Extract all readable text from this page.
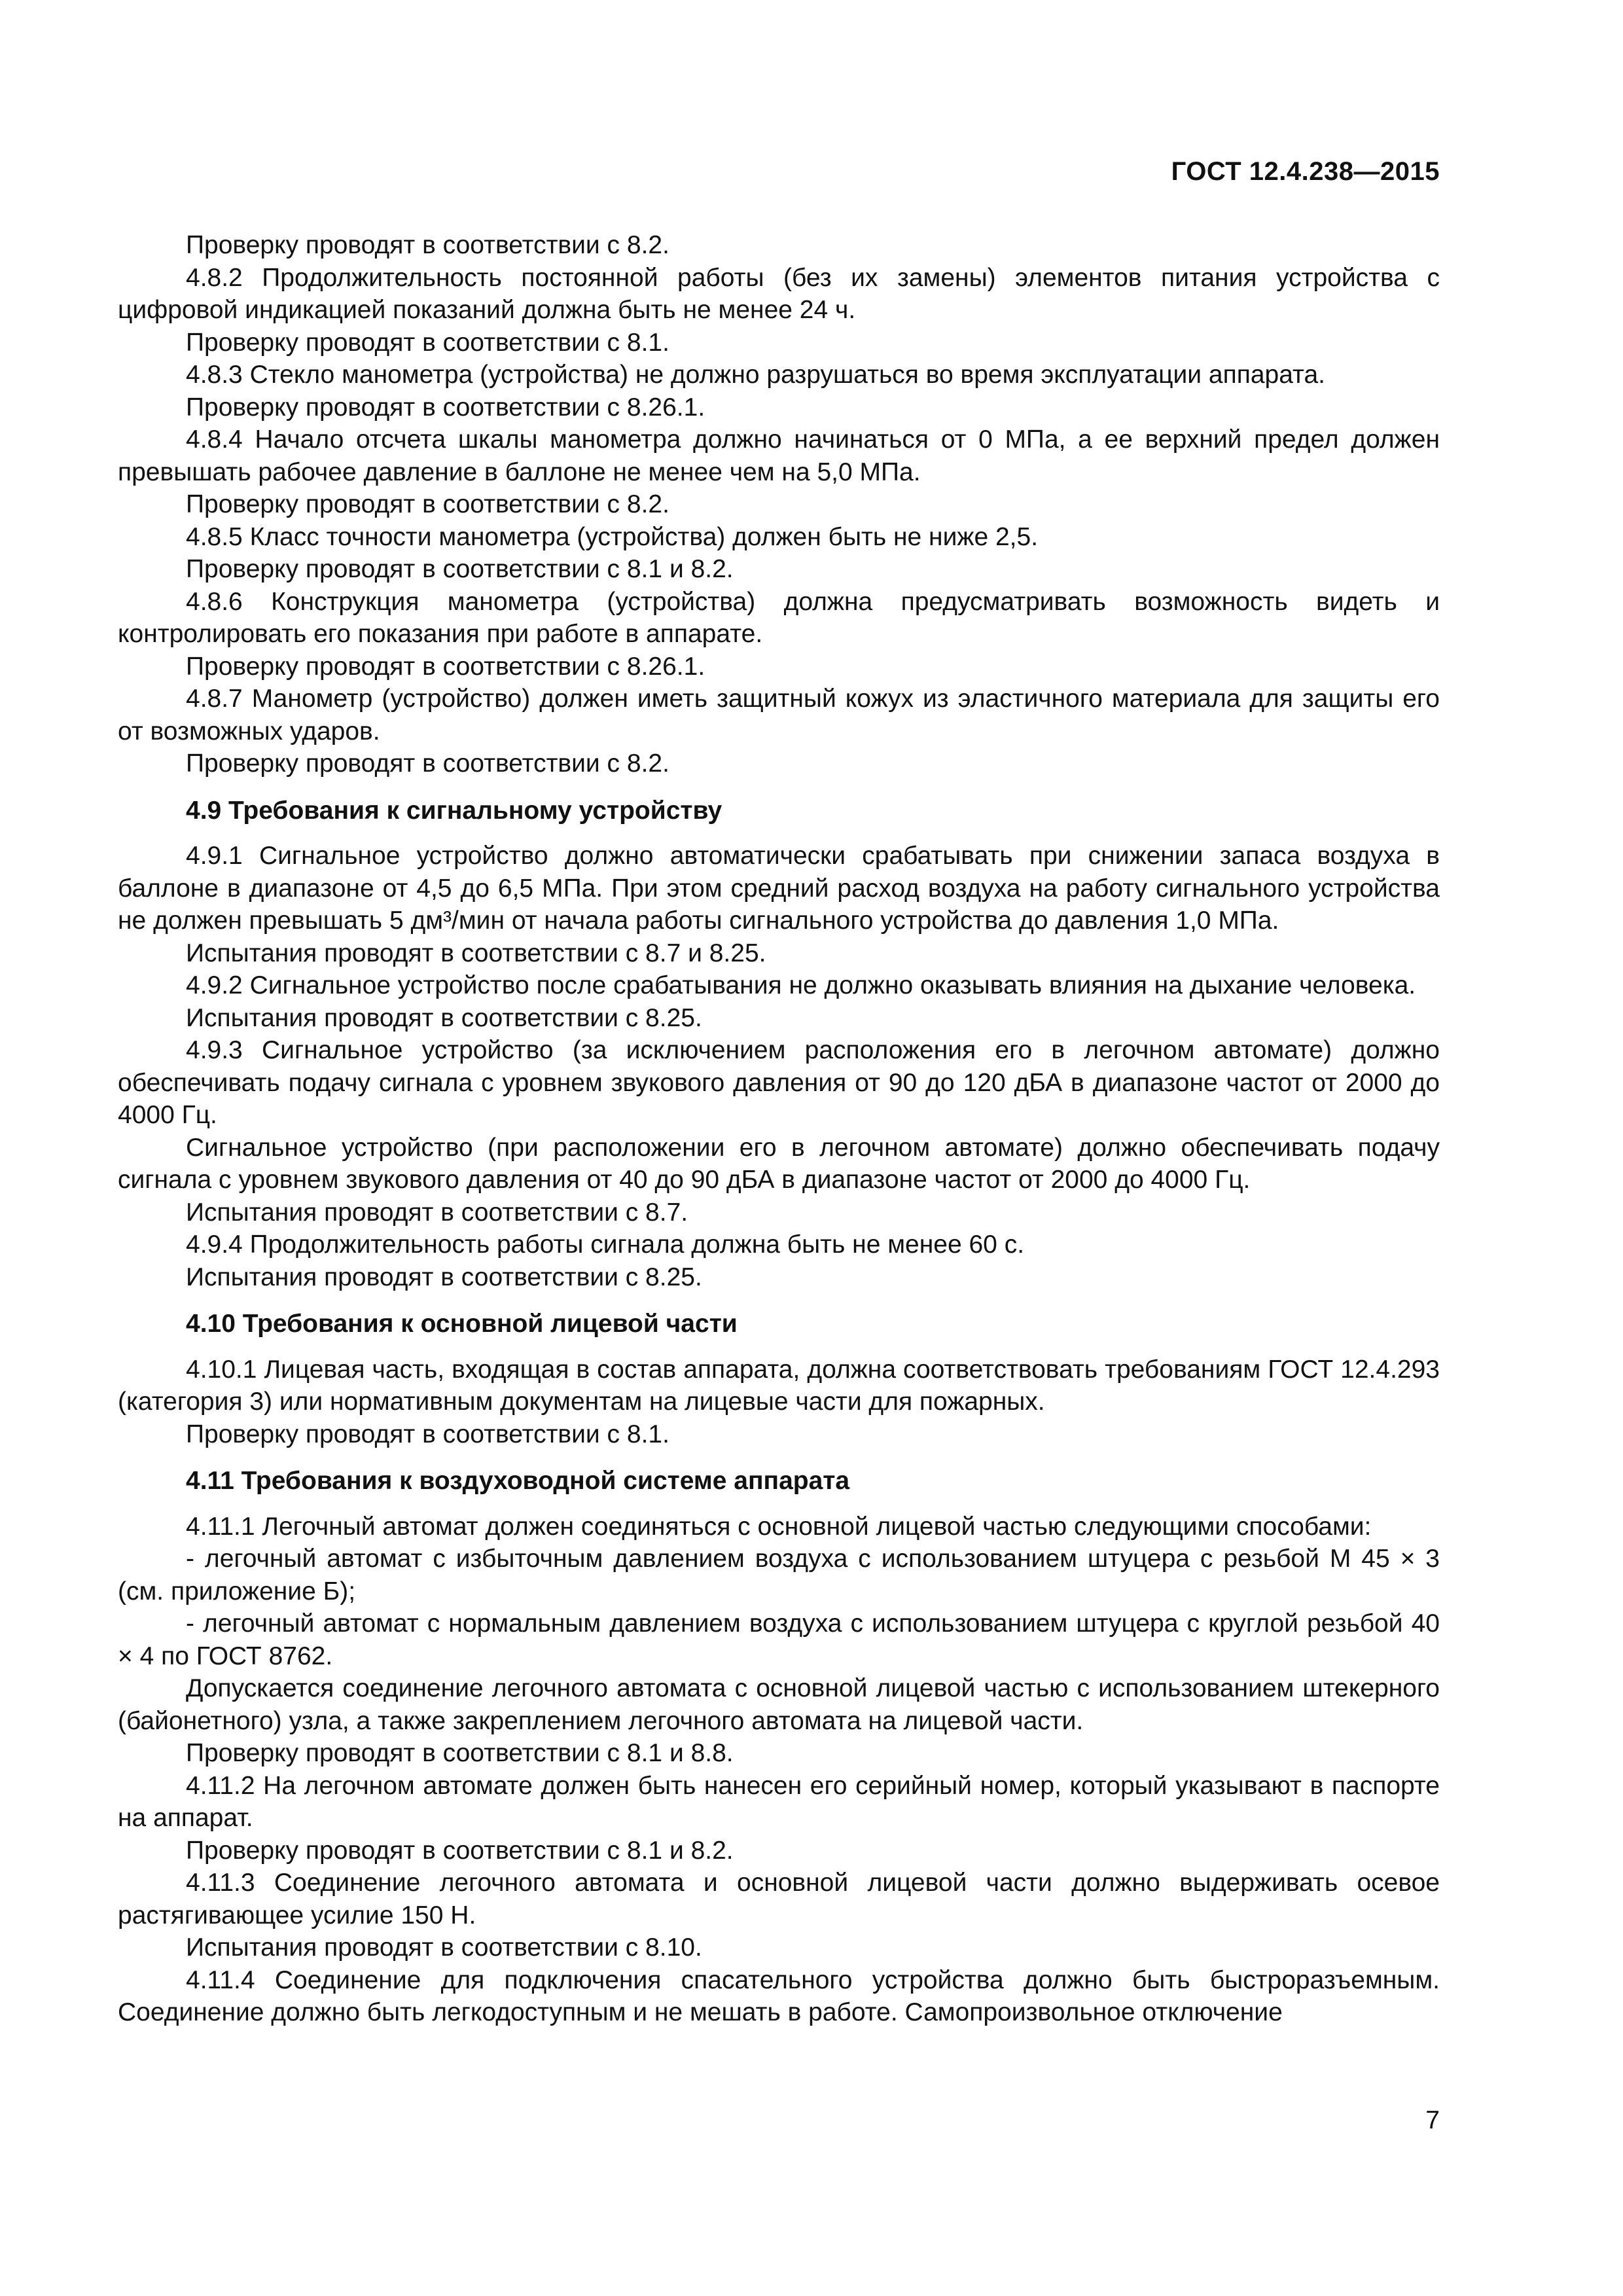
ГОСТ 12.4.238—2015

Проверку проводят в соответствии с 8.2.

4.8.2 Продолжительность постоянной работы (без их замены) элементов питания устройства с цифровой индикацией показаний должна быть не менее 24 ч.

Проверку проводят в соответствии с 8.1.

4.8.3 Стекло манометра (устройства) не должно разрушаться во время эксплуатации аппарата.

Проверку проводят в соответствии с 8.26.1.

4.8.4 Начало отсчета шкалы манометра должно начинаться от 0 МПа, а ее верхний предел должен превышать рабочее давление в баллоне не менее чем на 5,0 МПа.

Проверку проводят в соответствии с 8.2.

4.8.5 Класс точности манометра (устройства) должен быть не ниже 2,5.

Проверку проводят в соответствии с 8.1 и 8.2.

4.8.6 Конструкция манометра (устройства) должна предусматривать возможность видеть и контролировать его показания при работе в аппарате.

Проверку проводят в соответствии с 8.26.1.

4.8.7 Манометр (устройство) должен иметь защитный кожух из эластичного материала для защиты его от возможных ударов.

Проверку проводят в соответствии с 8.2.

4.9 Требования к сигнальному устройству

4.9.1 Сигнальное устройство должно автоматически срабатывать при снижении запаса воздуха в баллоне в диапазоне от 4,5 до 6,5 МПа. При этом средний расход воздуха на работу сигнального устройства не должен превышать 5 дм³/мин от начала работы сигнального устройства до давления 1,0 МПа.

Испытания проводят в соответствии с 8.7 и 8.25.

4.9.2 Сигнальное устройство после срабатывания не должно оказывать влияния на дыхание человека.

Испытания проводят в соответствии с 8.25.

4.9.3 Сигнальное устройство (за исключением расположения его в легочном автомате) должно обеспечивать подачу сигнала с уровнем звукового давления от 90 до 120 дБА в диапазоне частот от 2000 до 4000 Гц.

Сигнальное устройство (при расположении его в легочном автомате) должно обеспечивать подачу сигнала с уровнем звукового давления от 40 до 90 дБА в диапазоне частот от 2000 до 4000 Гц.

Испытания проводят в соответствии с 8.7.

4.9.4 Продолжительность работы сигнала должна быть не менее 60 с.

Испытания проводят в соответствии с 8.25.

4.10 Требования к основной лицевой части

4.10.1 Лицевая часть, входящая в состав аппарата, должна соответствовать требованиям ГОСТ 12.4.293 (категория 3) или нормативным документам на лицевые части для пожарных.

Проверку проводят в соответствии с 8.1.

4.11 Требования к воздуховодной системе аппарата

4.11.1 Легочный автомат должен соединяться с основной лицевой частью следующими способами:

- легочный автомат с избыточным давлением воздуха с использованием штуцера с резьбой М 45 × 3 (см. приложение Б);

- легочный автомат с нормальным давлением воздуха с использованием штуцера с круглой резьбой 40 × 4 по ГОСТ 8762.

Допускается соединение легочного автомата с основной лицевой частью с использованием штекерного (байонетного) узла, а также закреплением легочного автомата на лицевой части.

Проверку проводят в соответствии с 8.1 и 8.8.

4.11.2 На легочном автомате должен быть нанесен его серийный номер, который указывают в паспорте на аппарат.

Проверку проводят в соответствии с 8.1 и 8.2.

4.11.3 Соединение легочного автомата и основной лицевой части должно выдерживать осевое растягивающее усилие 150 Н.

Испытания проводят в соответствии с 8.10.

4.11.4 Соединение для подключения спасательного устройства должно быть быстроразъемным. Соединение должно быть легкодоступным и не мешать в работе. Самопроизвольное отключение

7
